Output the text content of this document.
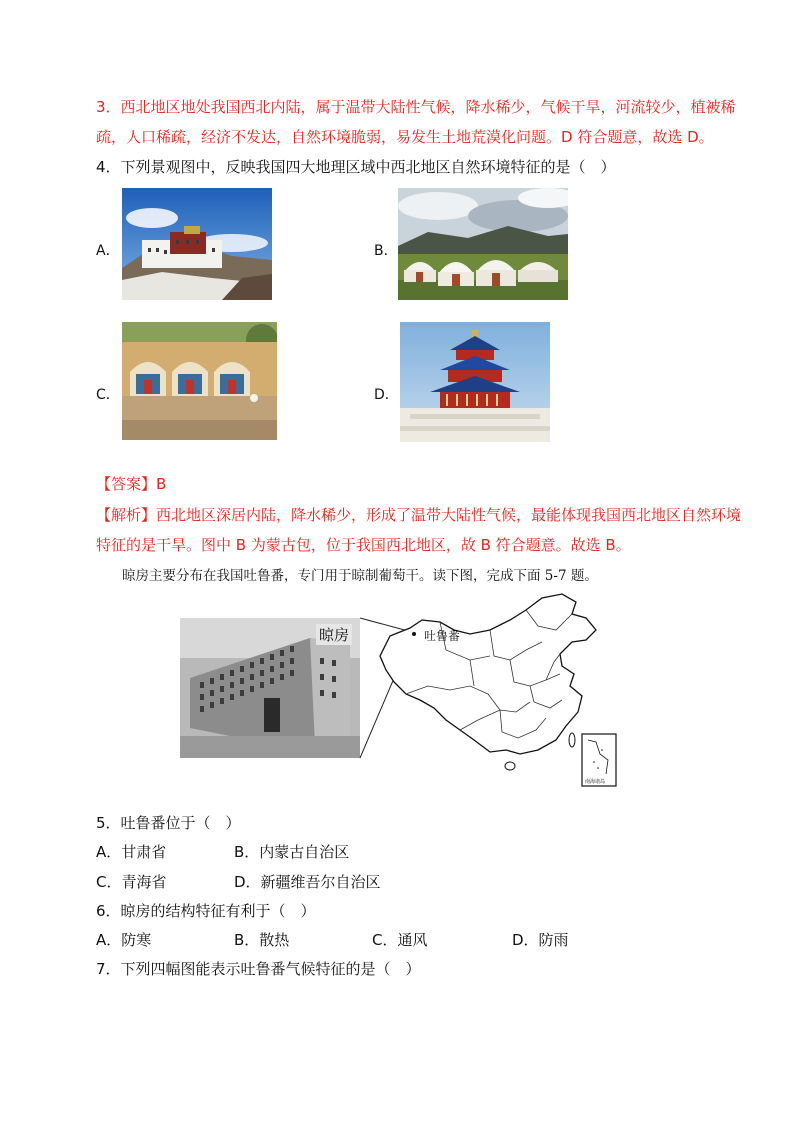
3．西北地区地处我国西北内陆，属于温带大陆性气候，降水稀少，气候干旱，河流较少，植被稀
疏，人口稀疏，经济不发达，自然环境脆弱，易发生土地荒漠化问题。D 符合题意，故选 D。
4．下列景观图中，反映我国四大地理区域中西北地区自然环境特征的是（　）
A．	B．
C．	D．
【答案】B
【解析】西北地区深居内陆，降水稀少，形成了温带大陆性气候，最能体现我国西北地区自然环境
特征的是干旱。图中 B 为蒙古包，位于我国西北地区，故 B 符合题意。故选 B。
晾房主要分布在我国吐鲁番，专门用于晾制葡萄干。读下图，完成下面 5-7 题。
晾房	吐鲁番
南海诸岛
5．吐鲁番位于（　）
A．甘肃省	B．内蒙古自治区
C．青海省	D．新疆维吾尔自治区
6．晾房的结构特征有利于（　）
A．防寒	B．散热	C．通风	D．防雨
7．下列四幅图能表示吐鲁番气候特征的是（　）
